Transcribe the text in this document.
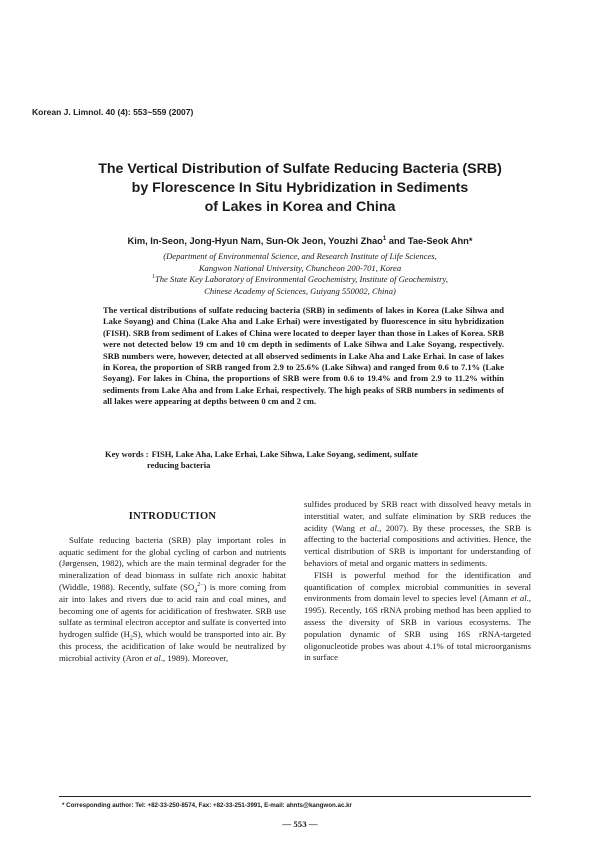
Korean J. Limnol. 40 (4): 553~559 (2007)
The Vertical Distribution of Sulfate Reducing Bacteria (SRB)
by Florescence In Situ Hybridization in Sediments
of Lakes in Korea and China
Kim, In-Seon, Jong-Hyun Nam, Sun-Ok Jeon, Youzhi Zhao$^1$ and Tae-Seok Ahn*
(Department of Environmental Science, and Research Institute of Life Sciences,
Kangwon National University, Chuncheon 200-701, Korea
$^1$The State Key Laboratory of Environmental Geochemistry, Institute of Geochemistry,
Chinese Academy of Sciences, Guiyang 550002, China)
The vertical distributions of sulfate reducing bacteria (SRB) in sediments of lakes in Korea (Lake Sihwa and Lake Soyang) and China (Lake Aha and Lake Erhai) were investigated by fluorescence in situ hybridization (FISH). SRB from sediment of Lakes of China were located to deeper layer than those in Lakes of Korea. SRB were not detected below 19 cm and 10 cm depth in sediments of Lake Sihwa and Lake Soyang, respectively. SRB numbers were, however, detected at all observed sediments in Lake Aha and Lake Erhai. In case of lakes in Korea, the proportion of SRB ranged from 2.9 to 25.6% (Lake Sihwa) and ranged from 0.6 to 7.1% (Lake Soyang). For lakes in China, the proportions of SRB were from 0.6 to 19.4% and from 2.9 to 11.2% within sediments from Lake Aha and from Lake Erhai, respectively. The high peaks of SRB numbers in sediments of all lakes were appearing at depths between 0 cm and 2 cm.
Key words : FISH, Lake Aha, Lake Erhai, Lake Sihwa, Lake Soyang, sediment, sulfate
reducing bacteria
INTRODUCTION

Sulfate reducing bacteria (SRB) play important roles in aquatic sediment for the global cycling of carbon and nutrients (Jørgensen, 1982), which are the main terminal degrader for the mineralization of dead biomass in sulfate rich anoxic habitat (Widdle, 1988). Recently, sulfate $(SO_4^{2-})$ is more coming from air into lakes and rivers due to acid rain and coal mines, and becoming one of agents for acidification of freshwater. SRB use sulfate as terminal electron acceptor and sulfate is converted into hydrogen sulfide $(H_2S)$, which would be transported into air. By this process, the acidification of lake would be neutralized by microbial activity (Aron et al., 1989). Moreover,

sulfides produced by SRB react with dissolved heavy metals in interstitial water, and sulfate elimination by SRB reduces the acidity (Wang et al., 2007). By these processes, the SRB is affecting to the bacterial compositions and activities. Hence, the vertical distribution of SRB is important for understanding of behaviors of metal and organic matters in sediments.

FISH is powerful method for the identification and quantification of complex microbial communities in several environments from domain level to species level (Amann et al., 1995). Recently, 16S rRNA probing method has been applied to assess the diversity of SRB in various ecosystems. The population dynamic of SRB using 16S rRNA-targeted oligonucleotide probes was about 4.1% of total microorganisms in surface

* Corresponding author: Tel: +82-33-250-8574, Fax: +82-33-251-3991, E-mail: ahnts@kangwon.ac.kr
— 553 —
